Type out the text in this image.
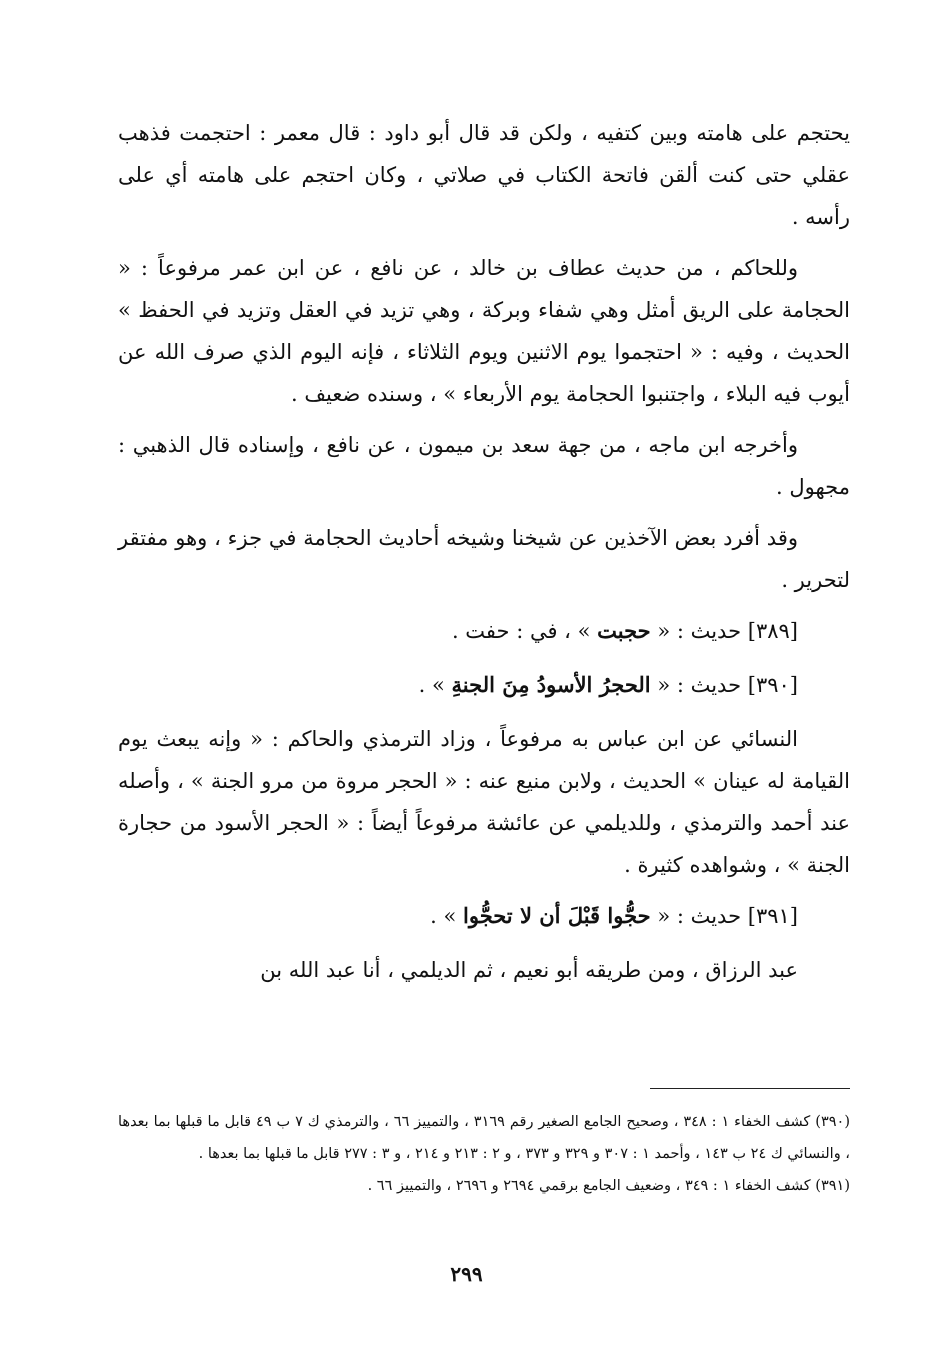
يحتجم على هامته وبين كتفيه ، ولكن قد قال أبو داود : قال معمر : احتجمت فذهب عقلي حتى كنت ألقن فاتحة الكتاب في صلاتي ، وكان احتجم على هامته أي على رأسه .

وللحاكم ، من حديث عطاف بن خالد ، عن نافع ، عن ابن عمر مرفوعاً : « الحجامة على الريق أمثل وهي شفاء وبركة ، وهي تزيد في العقل وتزيد في الحفظ » الحديث ، وفيه : « احتجموا يوم الاثنين ويوم الثلاثاء ، فإنه اليوم الذي صرف الله عن أيوب فيه البلاء ، واجتنبوا الحجامة يوم الأربعاء » ، وسنده ضعيف .

وأخرجه ابن ماجه ، من جهة سعد بن ميمون ، عن نافع ، وإسناده قال الذهبي : مجهول .

وقد أفرد بعض الآخذين عن شيخنا وشيخه أحاديث الحجامة في جزء ، وهو مفتقر لتحرير .

[٣٨٩] حديث : « حجبت » ، في : حفت .
[٣٩٠] حديث : « الحجرُ الأسودُ مِنَ الجنةِ » .

النسائي عن ابن عباس به مرفوعاً ، وزاد الترمذي والحاكم : « وإنه يبعث يوم القيامة له عينان » الحديث ، ولابن منيع عنه : « الحجر مروة من مرو الجنة » ، وأصله عند أحمد والترمذي ، وللديلمي عن عائشة مرفوعاً أيضاً : « الحجر الأسود من حجارة الجنة » ، وشواهده كثيرة .

[٣٩١] حديث : « حجُّوا قَبْلَ أن لا تحجُّوا » .

عبد الرزاق ، ومن طريقه أبو نعيم ، ثم الديلمي ، أنا عبد الله بن

(٣٩٠) كشف الخفاء ١ : ٣٤٨ ، وصحيح الجامع الصغير رقم ٣١٦٩ ، والتمييز ٦٦ ، والترمذي ك ٧ ب ٤٩ قابل ما قبلها بما بعدها ، والنسائي ك ٢٤ ب ١٤٣ ، وأحمد ١ : ٣٠٧ و ٣٢٩ و ٣٧٣ ، و ٢ : ٢١٣ و ٢١٤ ، و ٣ : ٢٧٧ قابل ما قبلها بما بعدها .

(٣٩١) كشف الخفاء ١ : ٣٤٩ ، وضعيف الجامع برقمي ٢٦٩٤ و ٢٦٩٦ ، والتمييز ٦٦ .

٢٩٩
